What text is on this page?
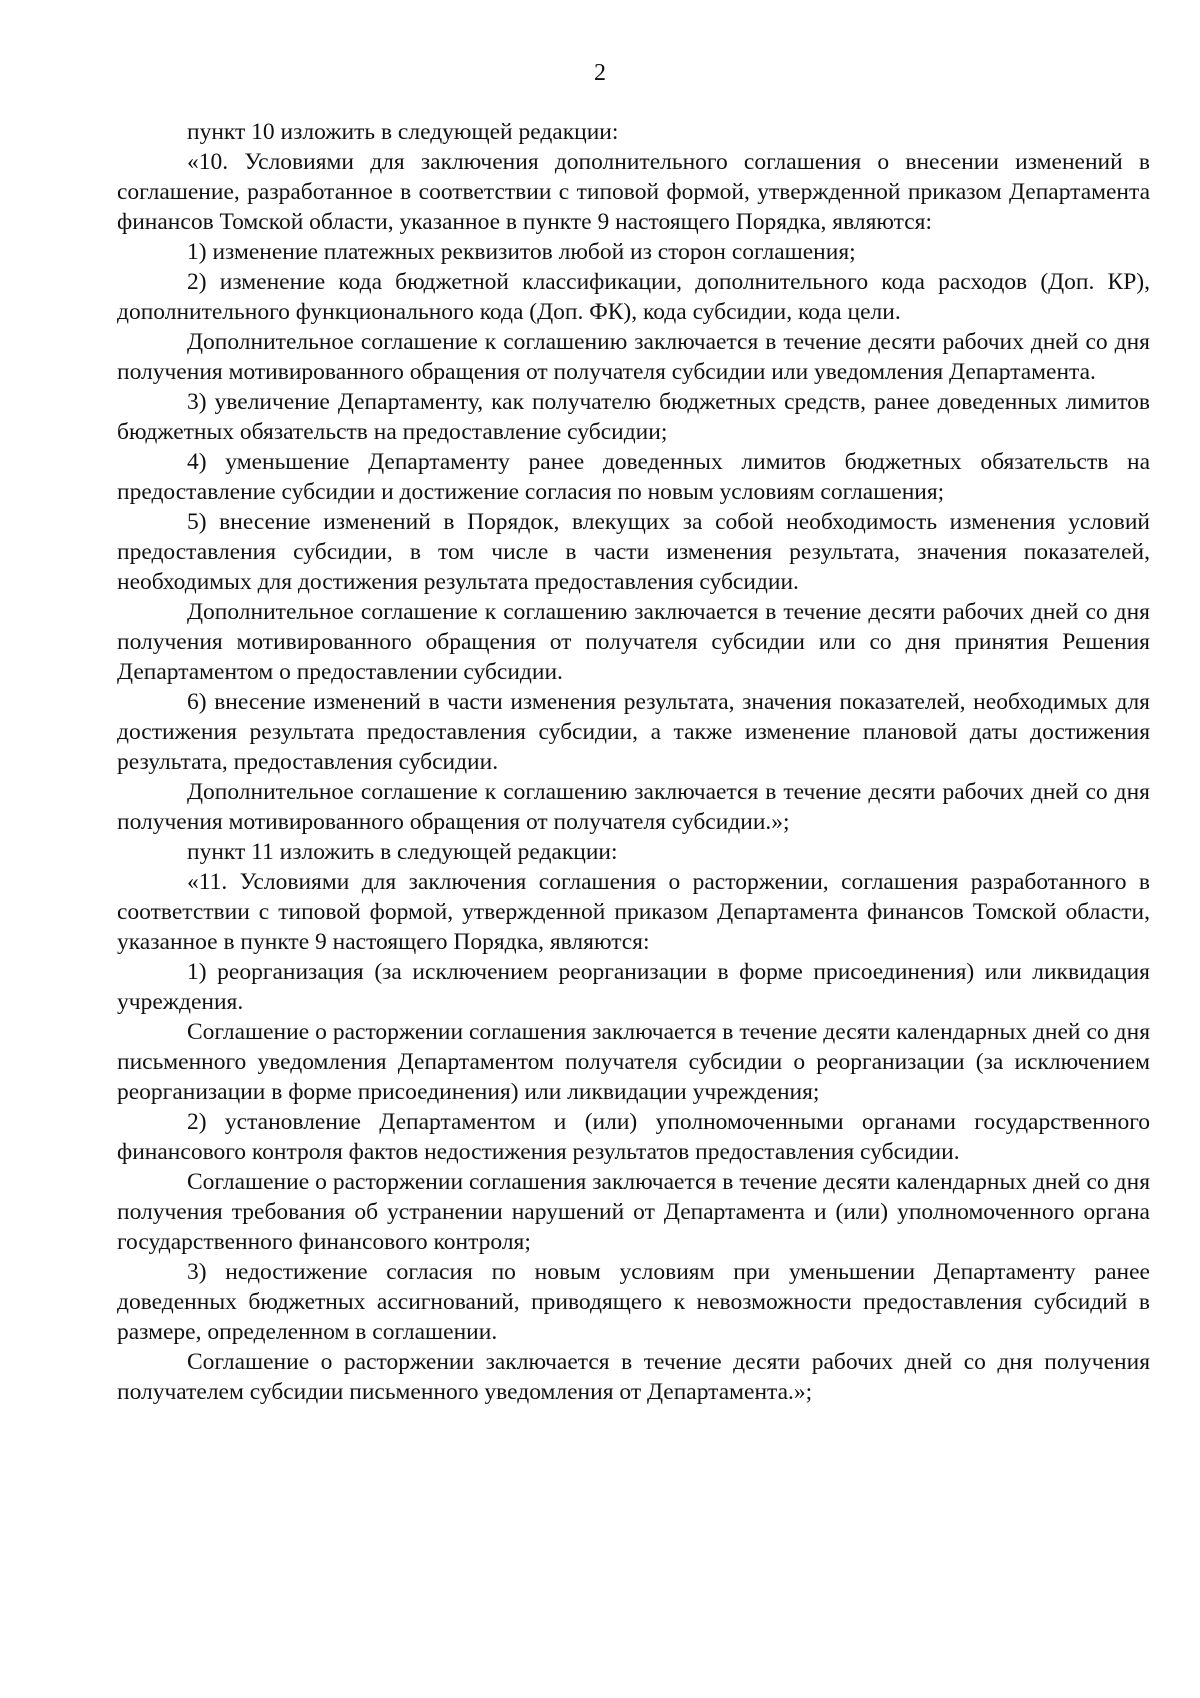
2

пункт 10 изложить в следующей редакции:

«10. Условиями для заключения дополнительного соглашения о внесении изменений в соглашение, разработанное в соответствии с типовой формой, утвержденной приказом Департамента финансов Томской области, указанное в пункте 9 настоящего Порядка, являются:

1) изменение платежных реквизитов любой из сторон соглашения;

2) изменение кода бюджетной классификации, дополнительного кода расходов (Доп. КР), дополнительного функционального кода (Доп. ФК), кода субсидии, кода цели.

Дополнительное соглашение к соглашению заключается в течение десяти рабочих дней со дня получения мотивированного обращения от получателя субсидии или уведомления Департамента.

3) увеличение Департаменту, как получателю бюджетных средств, ранее доведенных лимитов бюджетных обязательств на предоставление субсидии;

4) уменьшение Департаменту ранее доведенных лимитов бюджетных обязательств на предоставление субсидии и достижение согласия по новым условиям соглашения;

5) внесение изменений в Порядок, влекущих за собой необходимость изменения условий предоставления субсидии, в том числе в части изменения результата, значения показателей, необходимых для достижения результата предоставления субсидии.

Дополнительное соглашение к соглашению заключается в течение десяти рабочих дней со дня получения мотивированного обращения от получателя субсидии или со дня принятия Решения Департаментом о предоставлении субсидии.

6) внесение изменений в части изменения результата, значения показателей, необходимых для достижения результата предоставления субсидии, а также изменение плановой даты достижения результата, предоставления субсидии.

Дополнительное соглашение к соглашению заключается в течение десяти рабочих дней со дня получения мотивированного обращения от получателя субсидии.»;

пункт 11 изложить в следующей редакции:

«11. Условиями для заключения соглашения о расторжении, соглашения разработанного в соответствии с типовой формой, утвержденной приказом Департамента финансов Томской области, указанное в пункте 9 настоящего Порядка, являются:

1) реорганизация (за исключением реорганизации в форме присоединения) или ликвидация учреждения.

Соглашение о расторжении соглашения заключается в течение десяти календарных дней со дня письменного уведомления Департаментом получателя субсидии о реорганизации (за исключением реорганизации в форме присоединения) или ликвидации учреждения;

2) установление Департаментом и (или) уполномоченными органами государственного финансового контроля фактов недостижения результатов предоставления субсидии.

Соглашение о расторжении соглашения заключается в течение десяти календарных дней со дня получения требования об устранении нарушений от Департамента и (или) уполномоченного органа государственного финансового контроля;

3) недостижение согласия по новым условиям при уменьшении Департаменту ранее доведенных бюджетных ассигнований, приводящего к невозможности предоставления субсидий в размере, определенном в соглашении.

Соглашение о расторжении заключается в течение десяти рабочих дней со дня получения получателем субсидии письменного уведомления от Департамента.»;
